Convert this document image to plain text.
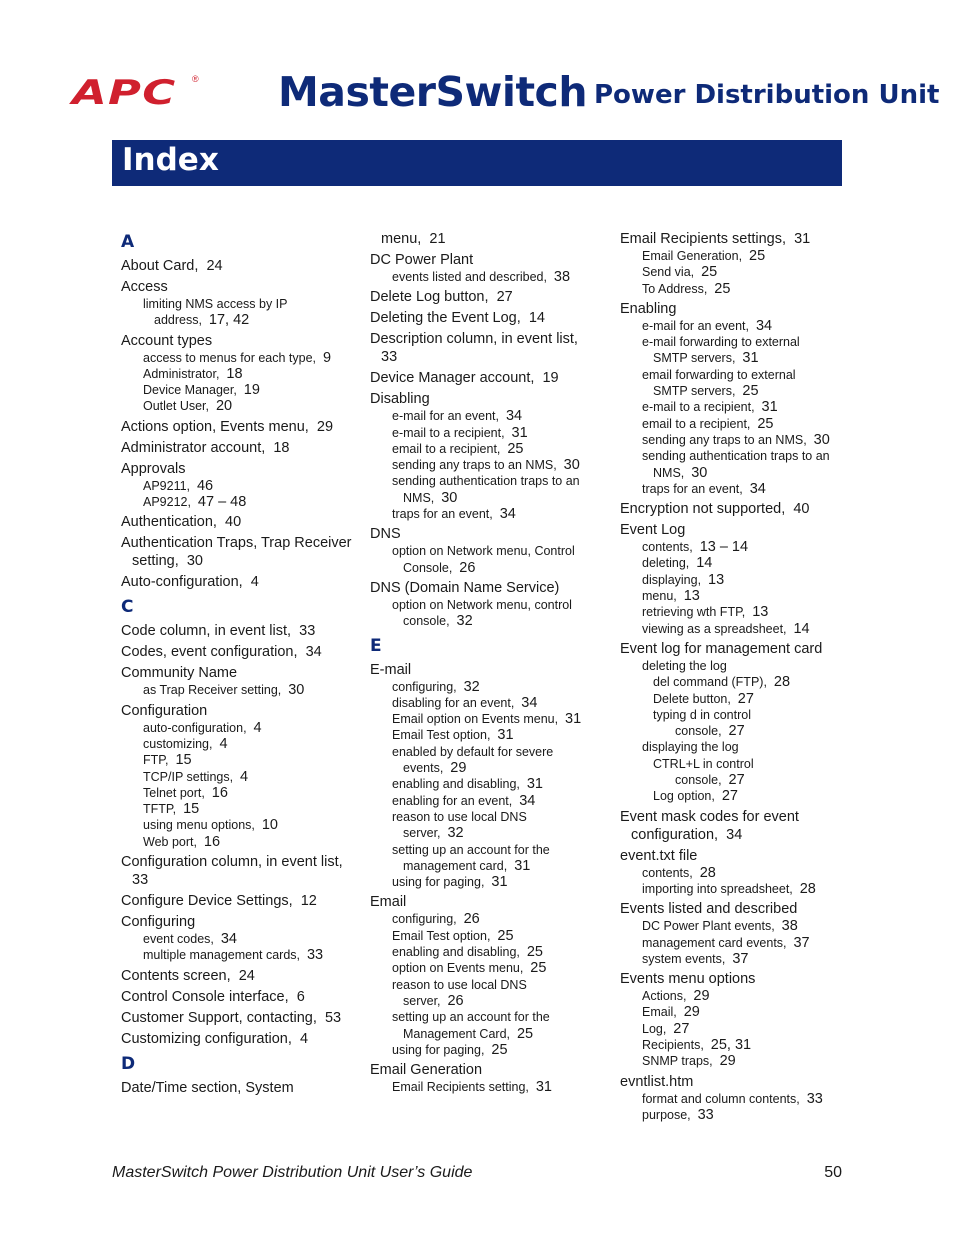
APC ® MasterSwitch Power Distribution Unit
Index
A
About Card, 24
Access
limiting NMS access by IP
address, 17, 42
Account types
access to menus for each type, 9
Administrator, 18
Device Manager, 19
Outlet User, 20
Actions option, Events menu, 29
Administrator account, 18
Approvals
AP9211, 46
AP9212, 47 – 48
Authentication, 40
Authentication Traps, Trap Receiver setting, 30
Auto-configuration, 4
C
Code column, in event list, 33
Codes, event configuration, 34
Community Name
as Trap Receiver setting, 30
Configuration
auto-configuration, 4
customizing, 4
FTP, 15
TCP/IP settings, 4
Telnet port, 16
TFTP, 15
using menu options, 10
Web port, 16
Configuration column, in event list,  33
Configure Device Settings, 12
Configuring
event codes, 34
multiple management cards, 33
Contents screen, 24
Control Console interface, 6
Customer Support, contacting, 53
Customizing configuration, 4
D
Date/Time section, System
menu, 21
DC Power Plant
events listed and described, 38
Delete Log button, 27
Deleting the Event Log, 14
Description column, in event list,  33
Device Manager account, 19
Disabling
e-mail for an event, 34
e-mail to a recipient, 31
email to a recipient, 25
sending any traps to an NMS, 30
sending authentication traps to an
NMS, 30
traps for an event, 34
DNS
option on Network menu, Control
Console, 26
DNS (Domain Name Service)
option on Network menu, control
console, 32
E
E-mail
configuring, 32
disabling for an event, 34
Email option on Events menu, 31
Email Test option, 31
enabled by default for severe
events, 29
enabling and disabling, 31
enabling for an event, 34
reason to use local DNS
server, 32
setting up an account for the
management card, 31
using for paging, 31
Email
configuring, 26
Email Test option, 25
enabling and disabling, 25
option on Events menu, 25
reason to use local DNS
server, 26
setting up an account for the
Management Card, 25
using for paging, 25
Email Generation
Email Recipients setting, 31
Email Recipients settings, 31
Email Generation, 25
Send via, 25
To Address, 25
Enabling
e-mail for an event, 34
e-mail forwarding to external
SMTP servers, 31
email forwarding to external
SMTP servers, 25
e-mail to a recipient, 31
email to a recipient, 25
sending any traps to an NMS, 30
sending authentication traps to an
NMS, 30
traps for an event, 34
Encryption not supported, 40
Event Log
contents, 13 – 14
deleting, 14
displaying, 13
menu, 13
retrieving wth FTP, 13
viewing as a spreadsheet, 14
Event log for management card
deleting the log
del command (FTP), 28
Delete button, 27
typing d in control
console, 27
displaying the log
CTRL+L in control
console, 27
Log option, 27
Event mask codes for event configuration, 34
event.txt file
contents, 28
importing into spreadsheet, 28
Events listed and described
DC Power Plant events, 38
management card events, 37
system events, 37
Events menu options
Actions, 29
Email, 29
Log, 27
Recipients, 25, 31
SNMP traps, 29
evntlist.htm
format and column contents, 33
purpose, 33
MasterSwitch Power Distribution Unit User’s Guide	50
